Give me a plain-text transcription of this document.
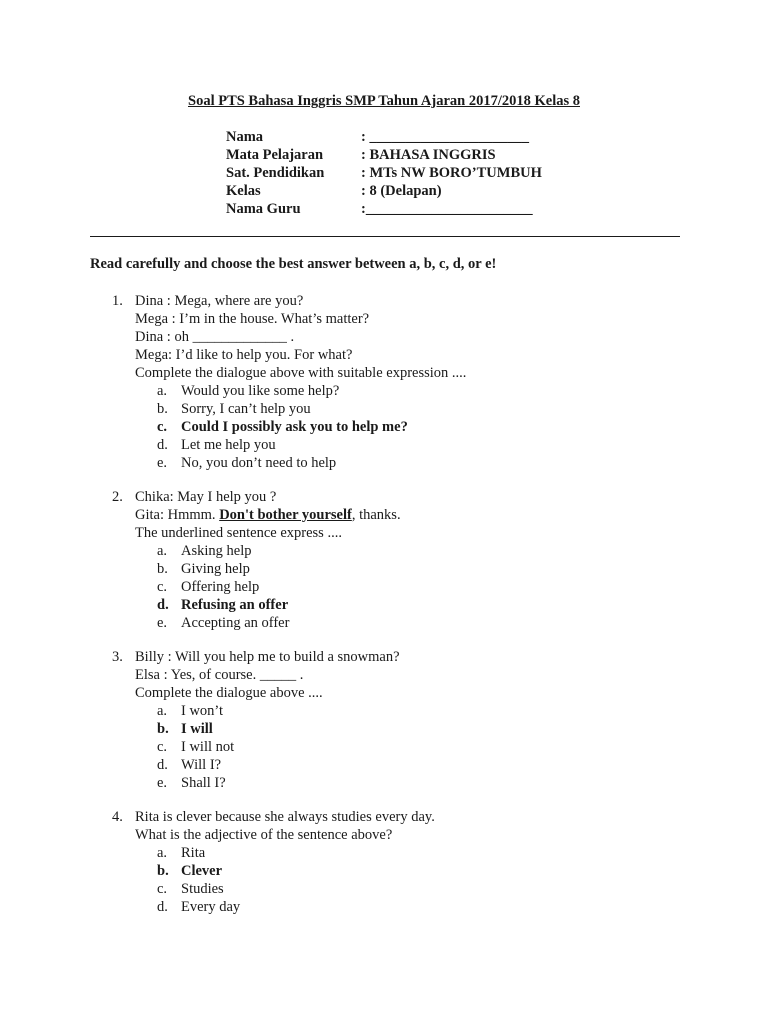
Soal PTS Bahasa Inggris SMP Tahun Ajaran 2017/2018 Kelas 8
Nama	: ______________________
Mata Pelajaran	: BAHASA INGGRIS
Sat. Pendidikan	: MTs NW BORO’TUMBUH
Kelas	: 8 (Delapan)
Nama Guru	:_______________________
Read carefully and choose the best answer between a, b, c, d, or e!
1. Dina : Mega, where are you?
Mega : I’m in the house. What’s matter?
Dina : oh _____________ .
Mega: I’d like to help you. For what?
Complete the dialogue above with suitable expression ....
a. Would you like some help?
b. Sorry, I can’t help you
c. Could I possibly ask you to help me?
d. Let me help you
e. No, you don’t need to help
2. Chika: May I help you ?
Gita: Hmmm. Don't bother yourself, thanks.
The underlined sentence express ....
a. Asking help
b. Giving help
c. Offering help
d. Refusing an offer
e. Accepting an offer
3. Billy : Will you help me to build a snowman?
Elsa : Yes, of course. _____ .
Complete the dialogue above ....
a. I won’t
b. I will
c. I will not
d. Will I?
e. Shall I?
4. Rita is clever because she always studies every day.
What is the adjective of the sentence above?
a. Rita
b. Clever
c. Studies
d. Every day
